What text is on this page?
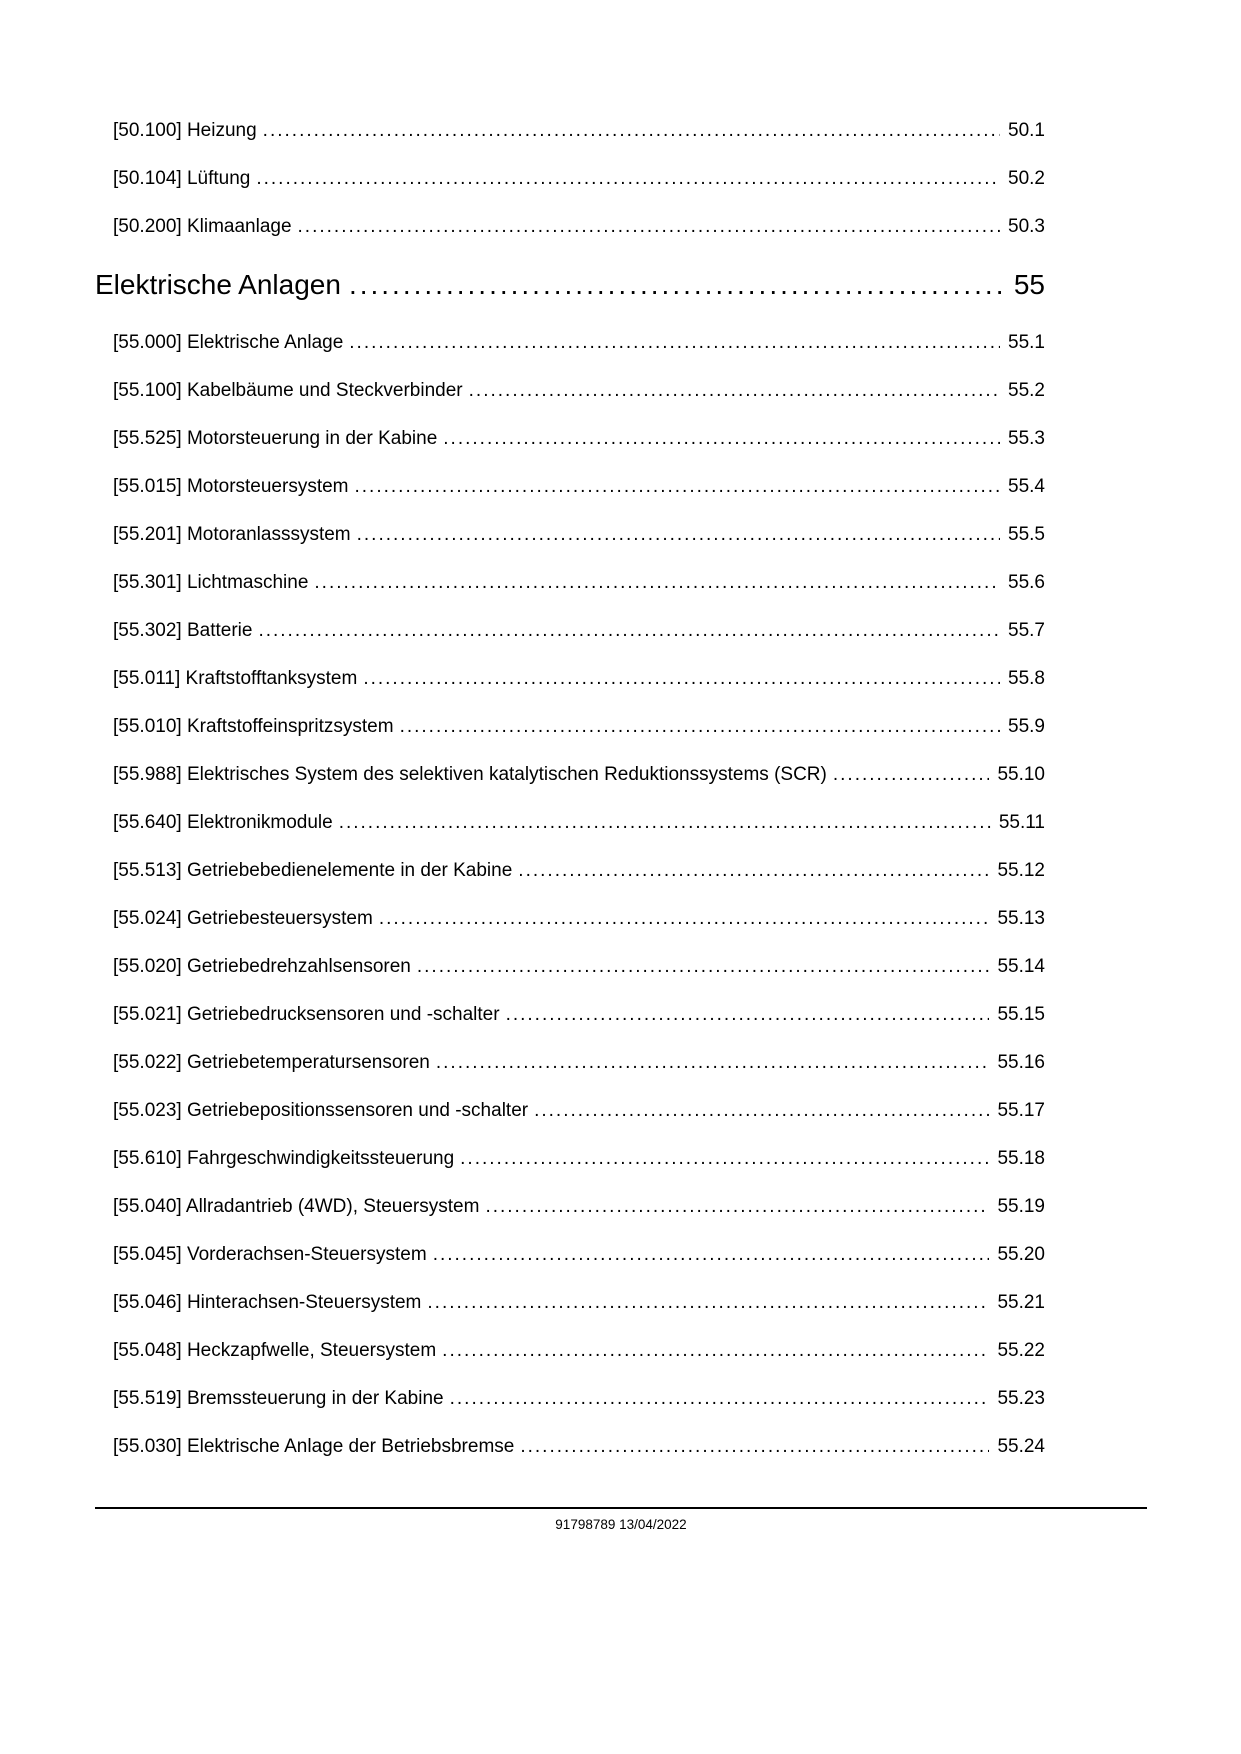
[50.100] Heizung .....	50.1
[50.104] Lüftung .....	50.2
[50.200] Klimaanlage .....	50.3
Elektrische Anlagen .....	55
[55.000] Elektrische Anlage .....	55.1
[55.100] Kabelbäume und Steckverbinder .....	55.2
[55.525] Motorsteuerung in der Kabine .....	55.3
[55.015] Motorsteuersystem .....	55.4
[55.201] Motoranlasssystem .....	55.5
[55.301] Lichtmaschine .....	55.6
[55.302] Batterie .....	55.7
[55.011] Kraftstofftanksystem .....	55.8
[55.010] Kraftstoffeinspritzsystem .....	55.9
[55.988] Elektrisches System des selektiven katalytischen Reduktionssystems (SCR) .....	55.10
[55.640] Elektronikmodule .....	55.11
[55.513] Getriebebedienelemente in der Kabine .....	55.12
[55.024] Getriebesteuersystem .....	55.13
[55.020] Getriebedrehzahlsensoren .....	55.14
[55.021] Getriebedrucksensoren und -schalter .....	55.15
[55.022] Getriebetemperatursensoren .....	55.16
[55.023] Getriebepositionssensoren und -schalter .....	55.17
[55.610] Fahrgeschwindigkeitssteuerung .....	55.18
[55.040] Allradantrieb (4WD), Steuersystem .....	55.19
[55.045] Vorderachsen-Steuersystem .....	55.20
[55.046] Hinterachsen-Steuersystem .....	55.21
[55.048] Heckzapfwelle, Steuersystem .....	55.22
[55.519] Bremssteuerung in der Kabine .....	55.23
[55.030] Elektrische Anlage der Betriebsbremse .....	55.24
91798789 13/04/2022
